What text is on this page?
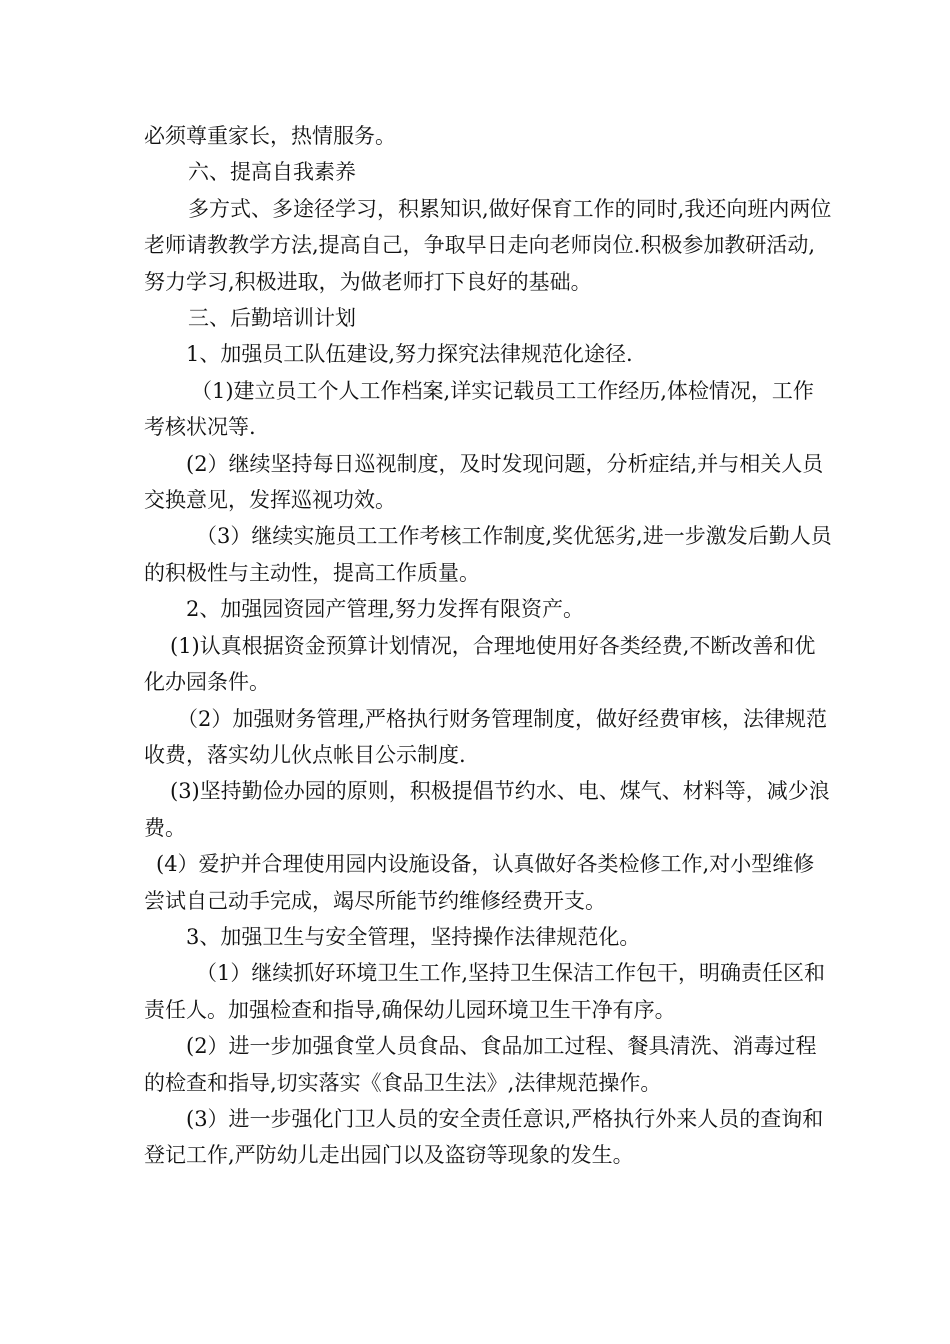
必须尊重家长，热情服务。

六、提高自我素养

多方式、多途径学习，积累知识,做好保育工作的同时,我还向班内两位老师请教教学方法,提高自己，争取早日走向老师岗位.积极参加教研活动,努力学习,积极进取，为做老师打下良好的基础。

三、后勤培训计划

1、加强员工队伍建设,努力探究法律规范化途径.

（1)建立员工个人工作档案,详实记载员工工作经历,体检情况，工作考核状况等.

(2）继续坚持每日巡视制度，及时发现问题，分析症结,并与相关人员交换意见，发挥巡视功效。

（3）继续实施员工工作考核工作制度,奖优惩劣,进一步激发后勤人员的积极性与主动性，提高工作质量。

2、加强园资园产管理,努力发挥有限资产。

(1)认真根据资金预算计划情况，合理地使用好各类经费,不断改善和优化办园条件。

（2）加强财务管理,严格执行财务管理制度，做好经费审核，法律规范收费，落实幼儿伙点帐目公示制度.

(3)坚持勤俭办园的原则，积极提倡节约水、电、煤气、材料等，减少浪费。

(4）爱护并合理使用园内设施设备，认真做好各类检修工作,对小型维修尝试自己动手完成，竭尽所能节约维修经费开支。

3、加强卫生与安全管理，坚持操作法律规范化。

（1）继续抓好环境卫生工作,坚持卫生保洁工作包干，明确责任区和责任人。加强检查和指导,确保幼儿园环境卫生干净有序。

(2）进一步加强食堂人员食品、食品加工过程、餐具清洗、消毒过程的检查和指导,切实落实《食品卫生法》,法律规范操作。

(3）进一步强化门卫人员的安全责任意识,严格执行外来人员的查询和登记工作,严防幼儿走出园门以及盗窃等现象的发生。
